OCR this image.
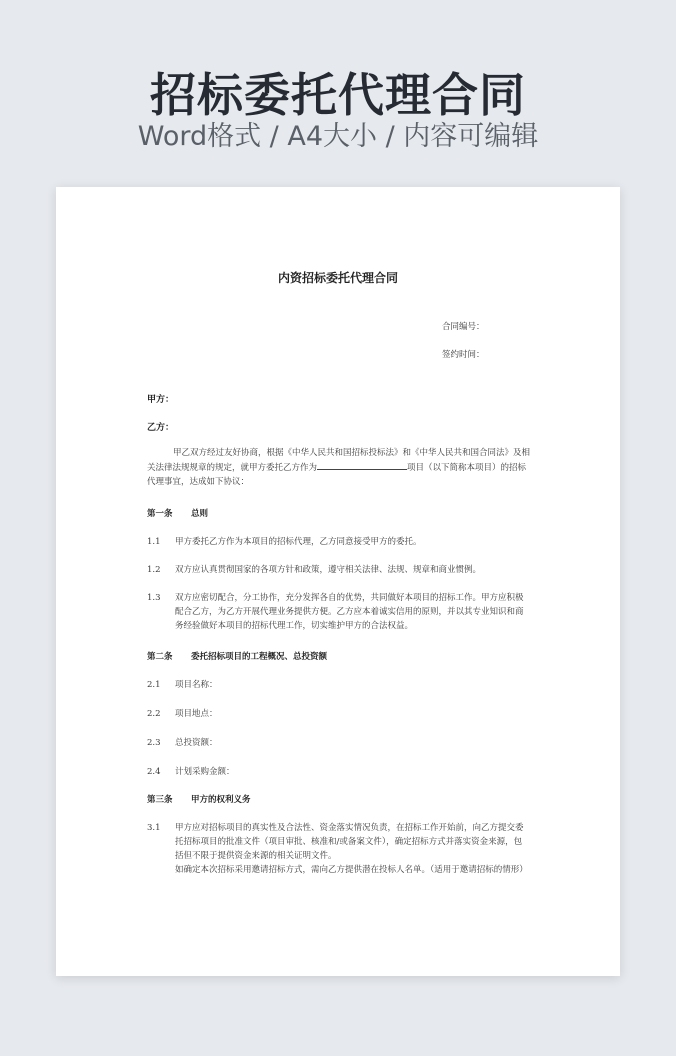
招标委托代理合同
Word格式 / A4大小 / 内容可编辑
内资招标委托代理合同
合同编号：
签约时间：
甲方：
乙方：
甲乙双方经过友好协商，根据《中华人民共和国招标投标法》和《中华人民共和国合同法》及相关法律法规规章的规定，就甲方委托乙方作为	项目（以下简称本项目）的招标代理事宜，达成如下协议：
第一条 总则
1.1	甲方委托乙方作为本项目的招标代理，乙方同意接受甲方的委托。
1.2	双方应认真贯彻国家的各项方针和政策，遵守相关法律、法规、规章和商业惯例。
1.3	双方应密切配合，分工协作，充分发挥各自的优势，共同做好本项目的招标工作。甲方应积极配合乙方，为乙方开展代理业务提供方便。乙方应本着诚实信用的原则，并以其专业知识和商务经验做好本项目的招标代理工作，切实维护甲方的合法权益。
第二条 委托招标项目的工程概况、总投资额
2.1	项目名称：
2.2	项目地点：
2.3	总投资额：
2.4	计划采购金额：
第三条 甲方的权利义务
3.1	甲方应对招标项目的真实性及合法性、资金落实情况负责，在招标工作开始前，向乙方提交委托招标项目的批准文件（项目审批、核准和/或备案文件），确定招标方式并落实资金来源，包括但不限于提供资金来源的相关证明文件。
如确定本次招标采用邀请招标方式，需向乙方提供潜在投标人名单。（适用于邀请招标的情形）
